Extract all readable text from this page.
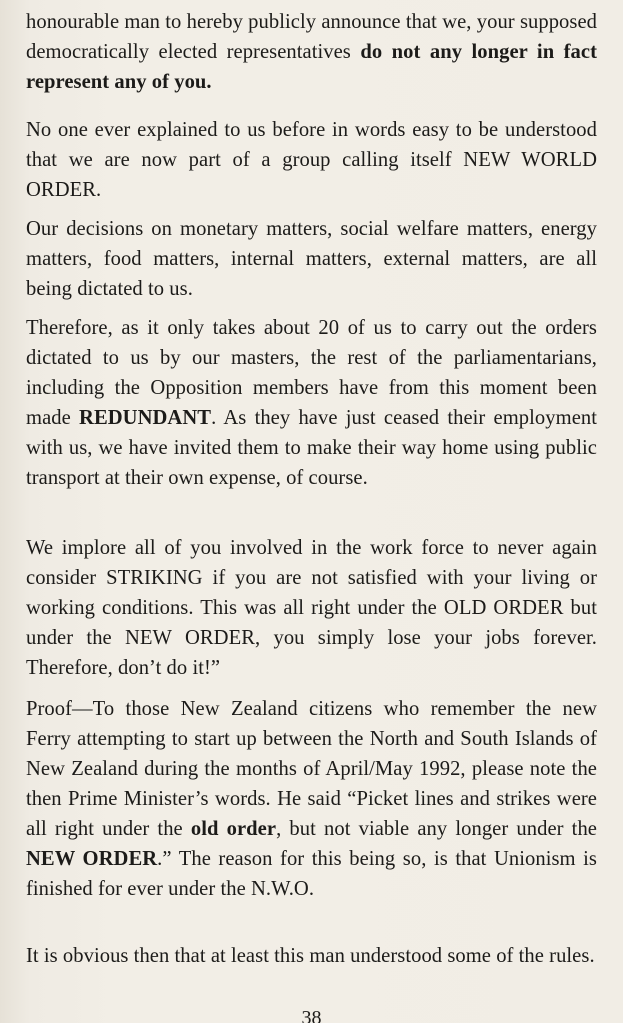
honourable man to hereby publicly announce that we, your supposed democratically elected representatives do not any longer in fact represent any of you.

No one ever explained to us before in words easy to be understood that we are now part of a group calling itself NEW WORLD ORDER.

Our decisions on monetary matters, social welfare matters, energy matters, food matters, internal matters, external matters, are all being dictated to us.

Therefore, as it only takes about 20 of us to carry out the orders dictated to us by our masters, the rest of the parliamentarians, including the Opposition members have from this moment been made REDUNDANT. As they have just ceased their employment with us, we have invited them to make their way home using public transport at their own expense, of course.

We implore all of you involved in the work force to never again consider STRIKING if you are not satisfied with your living or working conditions. This was all right under the OLD ORDER but under the NEW ORDER, you simply lose your jobs forever. Therefore, don’t do it!”

Proof—To those New Zealand citizens who remember the new Ferry attempting to start up between the North and South Islands of New Zealand during the months of April/May 1992, please note the then Prime Minister’s words. He said “Picket lines and strikes were all right under the old order, but not viable any longer under the NEW ORDER.” The reason for this being so, is that Unionism is finished for ever under the N.W.O.

It is obvious then that at least this man understood some of the rules.

38
